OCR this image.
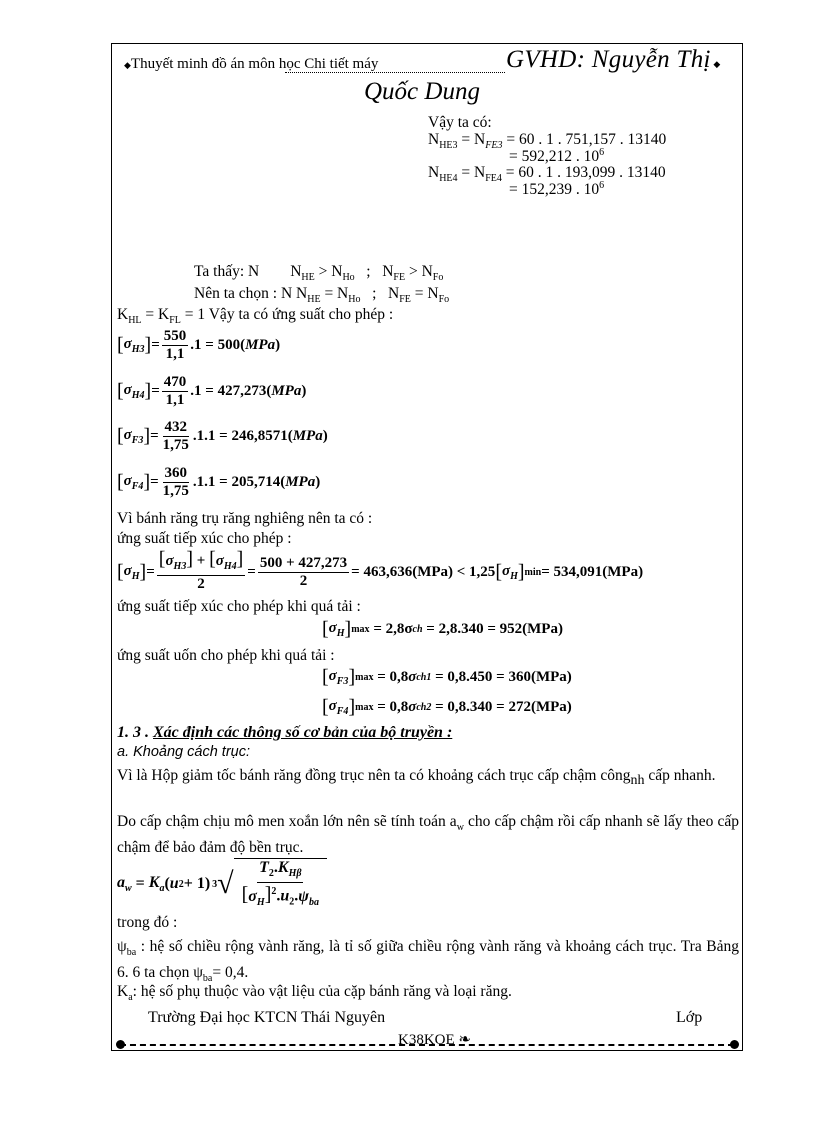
◆Thuyết minh đồ án môn học Chi tiết máy	GVHD: Nguyễn Thị ◆
Quốc Dung
Vậy ta có:
$N_{HE3} = N_{FE3} = 60$ . 1 . 751,157 . 13140
= 592,212 . $10^6$
$N_{HE4} = N_{FE4} = 60$ . 1 . 193,099 . 13140
= 152,239 . $10^6$
Ta thấy: N        $N_{HE} > N_{Ho}$   ;   $N_{FE} > N_{Fo}$
Nên ta chọn : N $N_{HE} = N_{Ho}$   ;   $N_{FE} = N_{Fo}$
$K_{HL} = K_{FL} = 1$ Vậy ta có ứng suất cho phép :
[ $\sigma_{H3}$ ] = $\frac{550}{1,1} .1 = 500$( MPa )
[ $\sigma_{H4}$ ] = $\frac{470}{1,1} .1 = 427,273$( MPa )
[ $\sigma_{F3}$ ] = $\frac{432}{1,75} .1.1 = 246,8571$( MPa )
[ $\sigma_{F4}$ ] = $\frac{360}{1,75} .1.1 = 205,714$( MPa )
Vì bánh răng trụ răng nghiêng nên ta có :
ứng suất tiếp xúc cho phép :
[ $\sigma_H$ ] = $\frac{[\sigma_{H3}] + [\sigma_{H4}]}{2} = \frac{500 + 427,273}{2} = 463,636(MPa) < 1,25$ [ $\sigma_H$ ] min = 534,091(MPa)
ứng suất tiếp xúc cho phép khi quá tải :
[ $\sigma_H$ ] max
= 2,8σ ch
= 2,8.340 = 952(MPa)
ứng suất uốn cho phép khi quá tải :
[ $\sigma_{F3}$ ] max = 0,8 σ ch1
= 0,8.450 = 360(MPa)
[ $\sigma_{F4}$ ] max = 0,8 σ ch2
= 0,8.340 = 272(MPa)
1. 3 . Xác định các thông số cơ bản của bộ truyền :
a. Khoảng cách trục:
Vì là Hộp giảm tốc bánh răng đồng trục nên ta có khoảng cách trục cấp chậm công$_{nh}$ cấp nhanh.
Do cấp chậm chịu mô men xoắn lớn nên sẽ tính toán $a_w$ cho cấp chậm rồi cấp nhanh sẽ lấy theo cấp chậm để bảo đảm độ bền trục.
$a_w = K_a$ ( u 2 + 1) 3 √ $\frac{T_2.K_{H\beta}}{[\sigma_H]^2.u_2.\psi_{ba}}$
trong đó :
$\psi_{ba}$ : hệ số chiều rộng vành răng, là tỉ số giữa chiều rộng vành răng và khoảng cách trục. Tra Bảng 6. 6 ta chọn $\psi_{ba}= 0,4$.
$K_a$: hệ số phụ thuộc vào vật liệu của cặp bánh răng và loại răng.
Trường Đại học KTCN Thái Nguyên	Lớp
K38KOE ❧
